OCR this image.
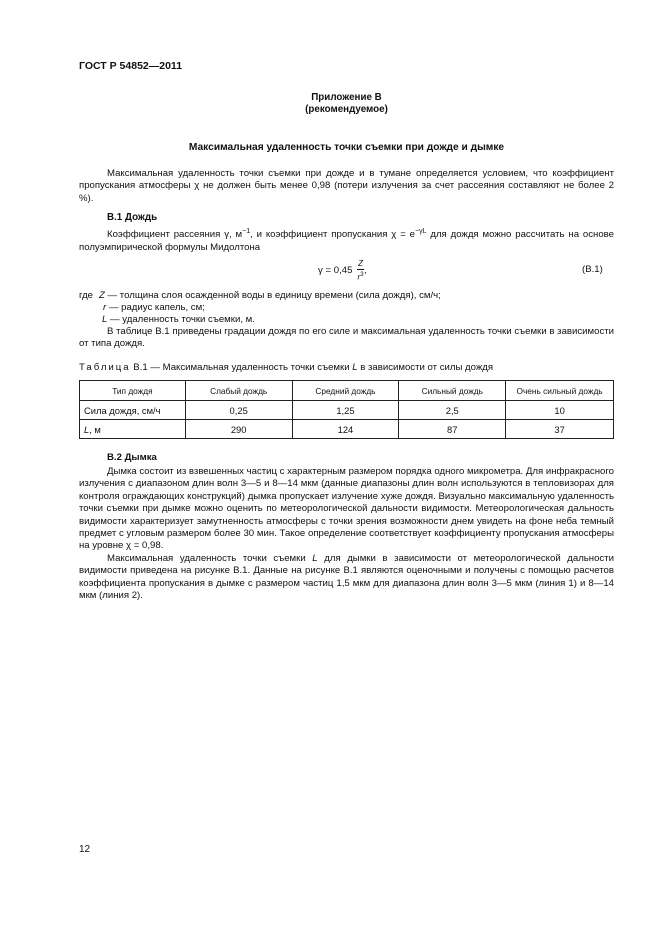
ГОСТ Р 54852—2011
Приложение В
(рекомендуемое)
Максимальная удаленность точки съемки при дожде и дымке
Максимальная удаленность точки съемки при дожде и в тумане определяется условием, что коэффициент пропускания атмосферы χ не должен быть менее 0,98 (потери излучения за счет рассеяния составляют не более 2 %).
В.1 Дождь
Коэффициент рассеяния γ, $м^{-1}$, и коэффициент пропускания $\chi = e^{-\gamma L}$ для дождя можно рассчитать на основе полуэмпирической формулы Мидолтона
$\gamma = 0,45 \frac{Z}{r^3}$ ,	(В.1)
где Z — толщина слоя осажденной воды в единицу времени (сила дождя), см/ч;
r — радиус капель, см;
L — удаленность точки съемки, м.
В таблице В.1 приведены градации дождя по его силе и максимальная удаленность точки съемки в зависимости от типа дождя.
Таблица В.1 — Максимальная удаленность точки съемки L в зависимости от силы дождя
Тип дождя	Слабый дождь	Средний дождь	Сильный дождь	Очень сильный дождь
Сила дождя, см/ч	0,25	1,25	2,5	10
L, м	290	124	87	37
В.2 Дымка
Дымка состоит из взвешенных частиц с характерным размером порядка одного микрометра. Для инфракрасного излучения с диапазоном длин волн 3—5 и 8—14 мкм (данные диапазоны длин волн используются в тепловизорах для контроля ограждающих конструкций) дымка пропускает излучение хуже дождя. Визуально максимальную удаленность точки съемки при дымке можно оценить по метеорологической дальности видимости. Метеорологическая дальность видимости характеризует замутненность атмосферы с точки зрения возможности днем увидеть на фоне неба темный предмет с угловым размером более 30 мин. Такое определение соответствует коэффициенту пропускания атмосферы на уровне χ = 0,98.
Максимальная удаленность точки съемки L для дымки в зависимости от метеорологической дальности видимости приведена на рисунке В.1. Данные на рисунке В.1 являются оценочными и получены с помощью расчетов коэффициента пропускания в дымке с размером частиц 1,5 мкм для диапазона длин волн 3—5 мкм (линия 1) и 8—14 мкм (линия 2).
12
